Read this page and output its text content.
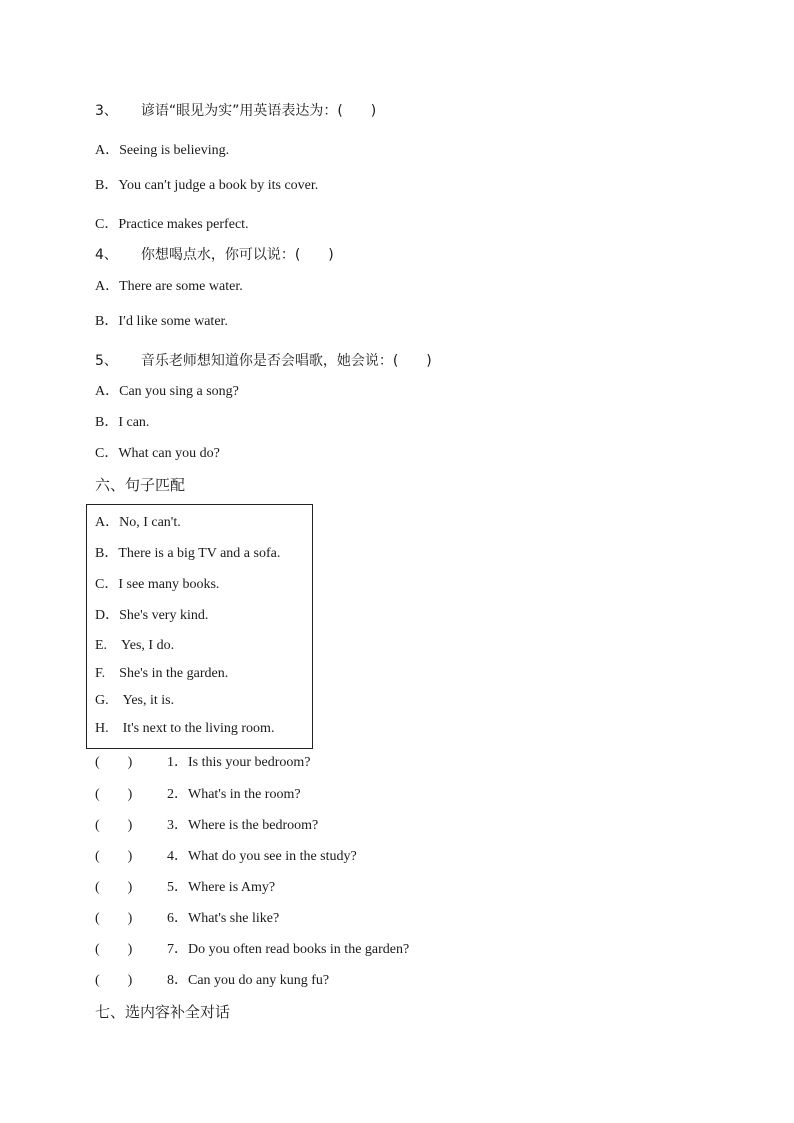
3、 谚语“眼见为实”用英语表达为：(　　)
A．Seeing is believing.
B．You can′t judge a book by its cover.
C．Practice makes perfect.
4、 你想喝点水，你可以说：(　　)
A．There are some water.
B．I′d like some water.
5、 音乐老师想知道你是否会唱歌，她会说：(　　)
A．Can you sing a song?
B．I can.
C．What can you do?
六、句子匹配
A．No, I can't.
B．There is a big TV and a sofa.
C．I see many books.
D．She's very kind.
E.　Yes, I do.
F.　She's in the garden.
G.　Yes, it is.
H.　It's next to the living room.
(　　) 1．Is this your bedroom?
(　　) 2．What's in the room?
(　　) 3．Where is the bedroom?
(　　) 4．What do you see in the study?
(　　) 5．Where is Amy?
(　　) 6．What's she like?
(　　) 7．Do you often read books in the garden?
(　　) 8．Can you do any kung fu?
七、选内容补全对话
